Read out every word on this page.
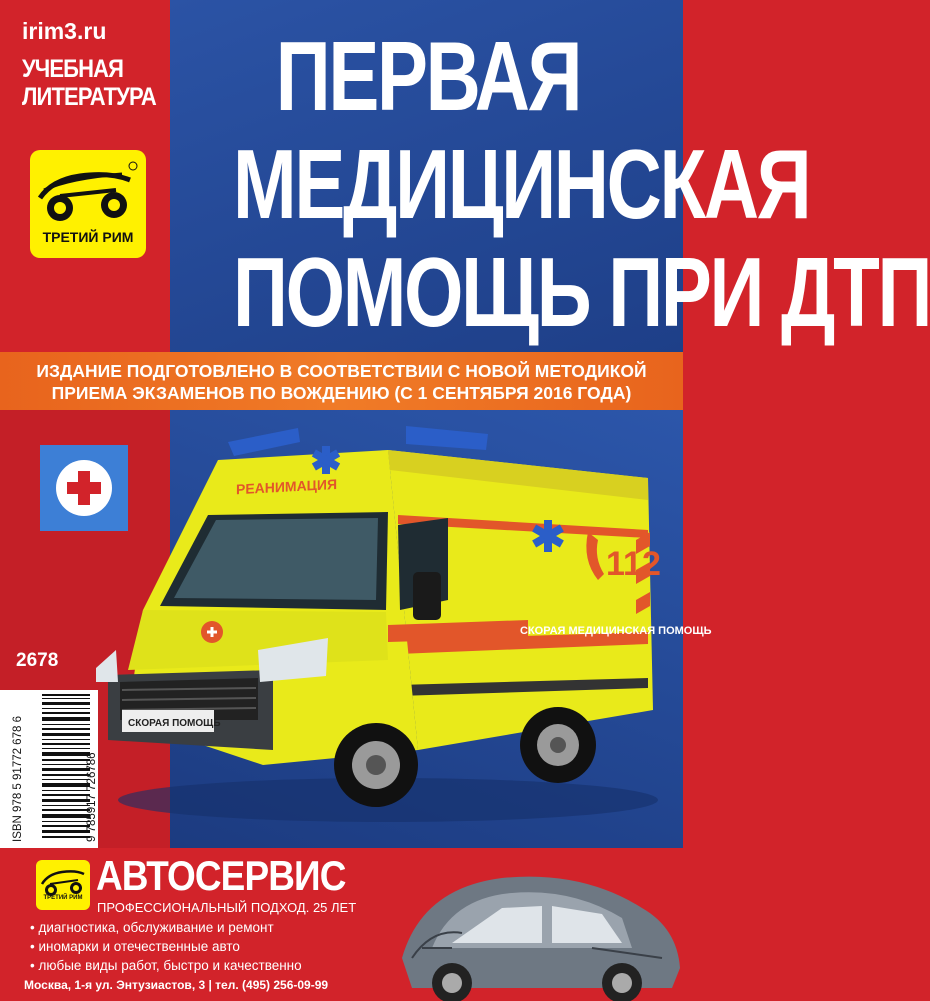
irim3.ru
УЧЕБНАЯ
ЛИТЕРАТУРА
ТРЕТИЙ РИМ
ПЕРВАЯ
МЕДИЦИНСКАЯ
ПОМОЩЬ ПРИ ДТП
ИЗДАНИЕ ПОДГОТОВЛЕНО В СООТВЕТСТВИИ С НОВОЙ МЕТОДИКОЙ
ПРИЕМА ЭКЗАМЕНОВ ПО ВОЖДЕНИЮ (С 1 СЕНТЯБРЯ 2016 ГОДА)
2678
ISBN 978 5 91772 678 6	9 785917 726786
РЕАНИМАЦИЯ
112
СКОРАЯ МЕДИЦИНСКАЯ ПОМОЩЬ
СКОРАЯ ПОМОЩЬ
ТРЕТИЙ РИМ АВТОСЕРВИС
ПРОФЕССИОНАЛЬНЫЙ ПОДХОД. 25 ЛЕТ
• диагностика, обслуживание и ремонт
• иномарки и отечественные авто
• любые виды работ, быстро и качественно
Москва, 1-я ул. Энтузиастов, 3 | тел. (495) 256-09-99
